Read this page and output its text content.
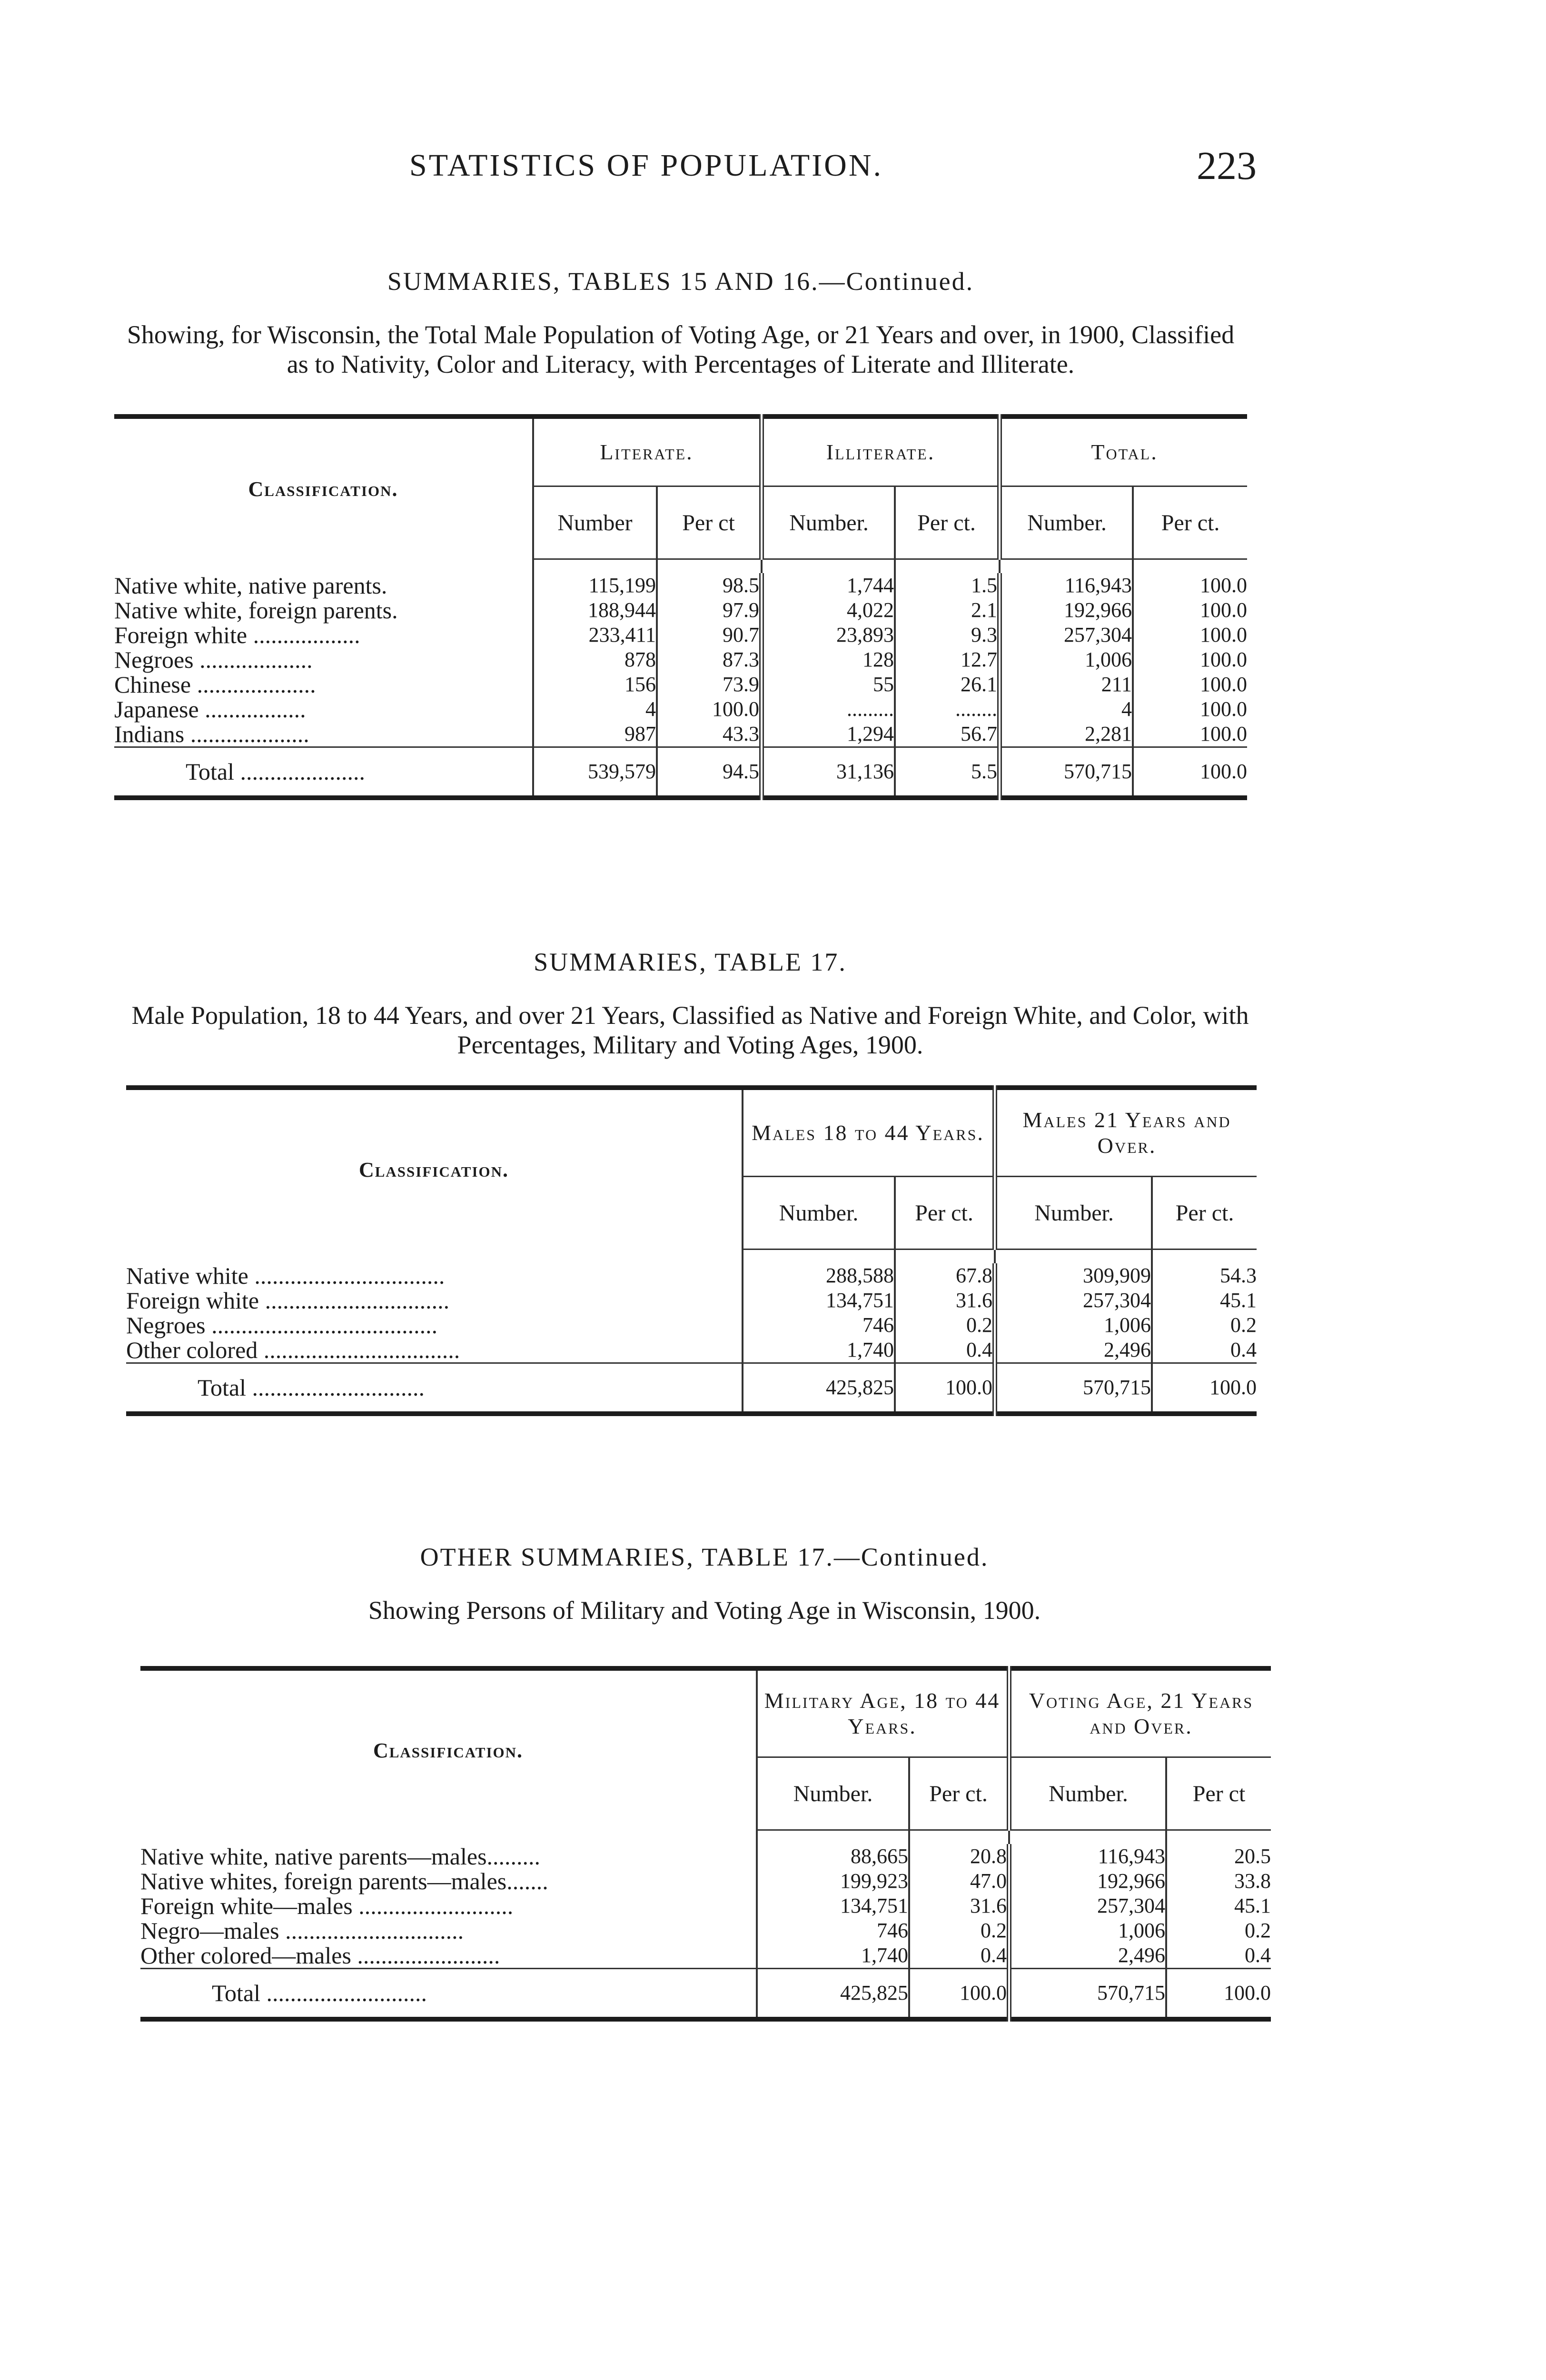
STATISTICS OF POPULATION.	223
SUMMARIES, TABLES 15 AND 16.—Continued.
Showing, for Wisconsin, the Total Male Population of Voting Age, or 21 Years and over, in 1900, Classified as to Nativity, Color and Literacy, with Percentages of Literate and Illiterate.
Classification.	Literate.		Illiterate.		Total.	
	Number	Per ct	Number.	Per ct.	Number.	Per ct.

Native white, native parents.	115,199	98.5	1,744	1.5	116,943	100.0
Native white, foreign parents.	188,944	97.9	4,022	2.1	192,966	100.0
Foreign white ..................	233,411	90.7	23,893	9.3	257,304	100.0
Negroes ...................	878	87.3	128	12.7	1,006	100.0
Chinese ....................	156	73.9	55	26.1	211	100.0
Japanese .................	4	100.0	.........	........	4	100.0
Indians ....................	987	43.3	1,294	56.7	2,281	100.0
Total .....................	539,579	94.5	31,136	5.5	570,715	100.0
SUMMARIES, TABLE 17.
Male Population, 18 to 44 Years, and over 21 Years, Classified as Native and Foreign White, and Color, with Percentages, Military and Voting Ages, 1900.
Classification.	Males 18 to 44 Years.		Males 21 Years and Over.	
	Number.	Per ct.	Number.	Per ct.

Native white ................................	288,588	67.8	309,909	54.3
Foreign white ...............................	134,751	31.6	257,304	45.1
Negroes ......................................	746	0.2	1,006	0.2
Other colored .................................	1,740	0.4	2,496	0.4
Total .............................	425,825	100.0	570,715	100.0
OTHER SUMMARIES, TABLE 17.—Continued.
Showing Persons of Military and Voting Age in Wisconsin, 1900.
Classification.	Military Age, 18 to 44 Years.		Voting Age, 21 Years and Over.	
	Number.	Per ct.	Number.	Per ct

Native white, native parents—males.........	88,665	20.8	116,943	20.5
Native whites, foreign parents—males.......	199,923	47.0	192,966	33.8
Foreign white—males ..........................	134,751	31.6	257,304	45.1
Negro—males ..............................	746	0.2	1,006	0.2
Other colored—males ........................	1,740	0.4	2,496	0.4
Total ...........................	425,825	100.0	570,715	100.0
